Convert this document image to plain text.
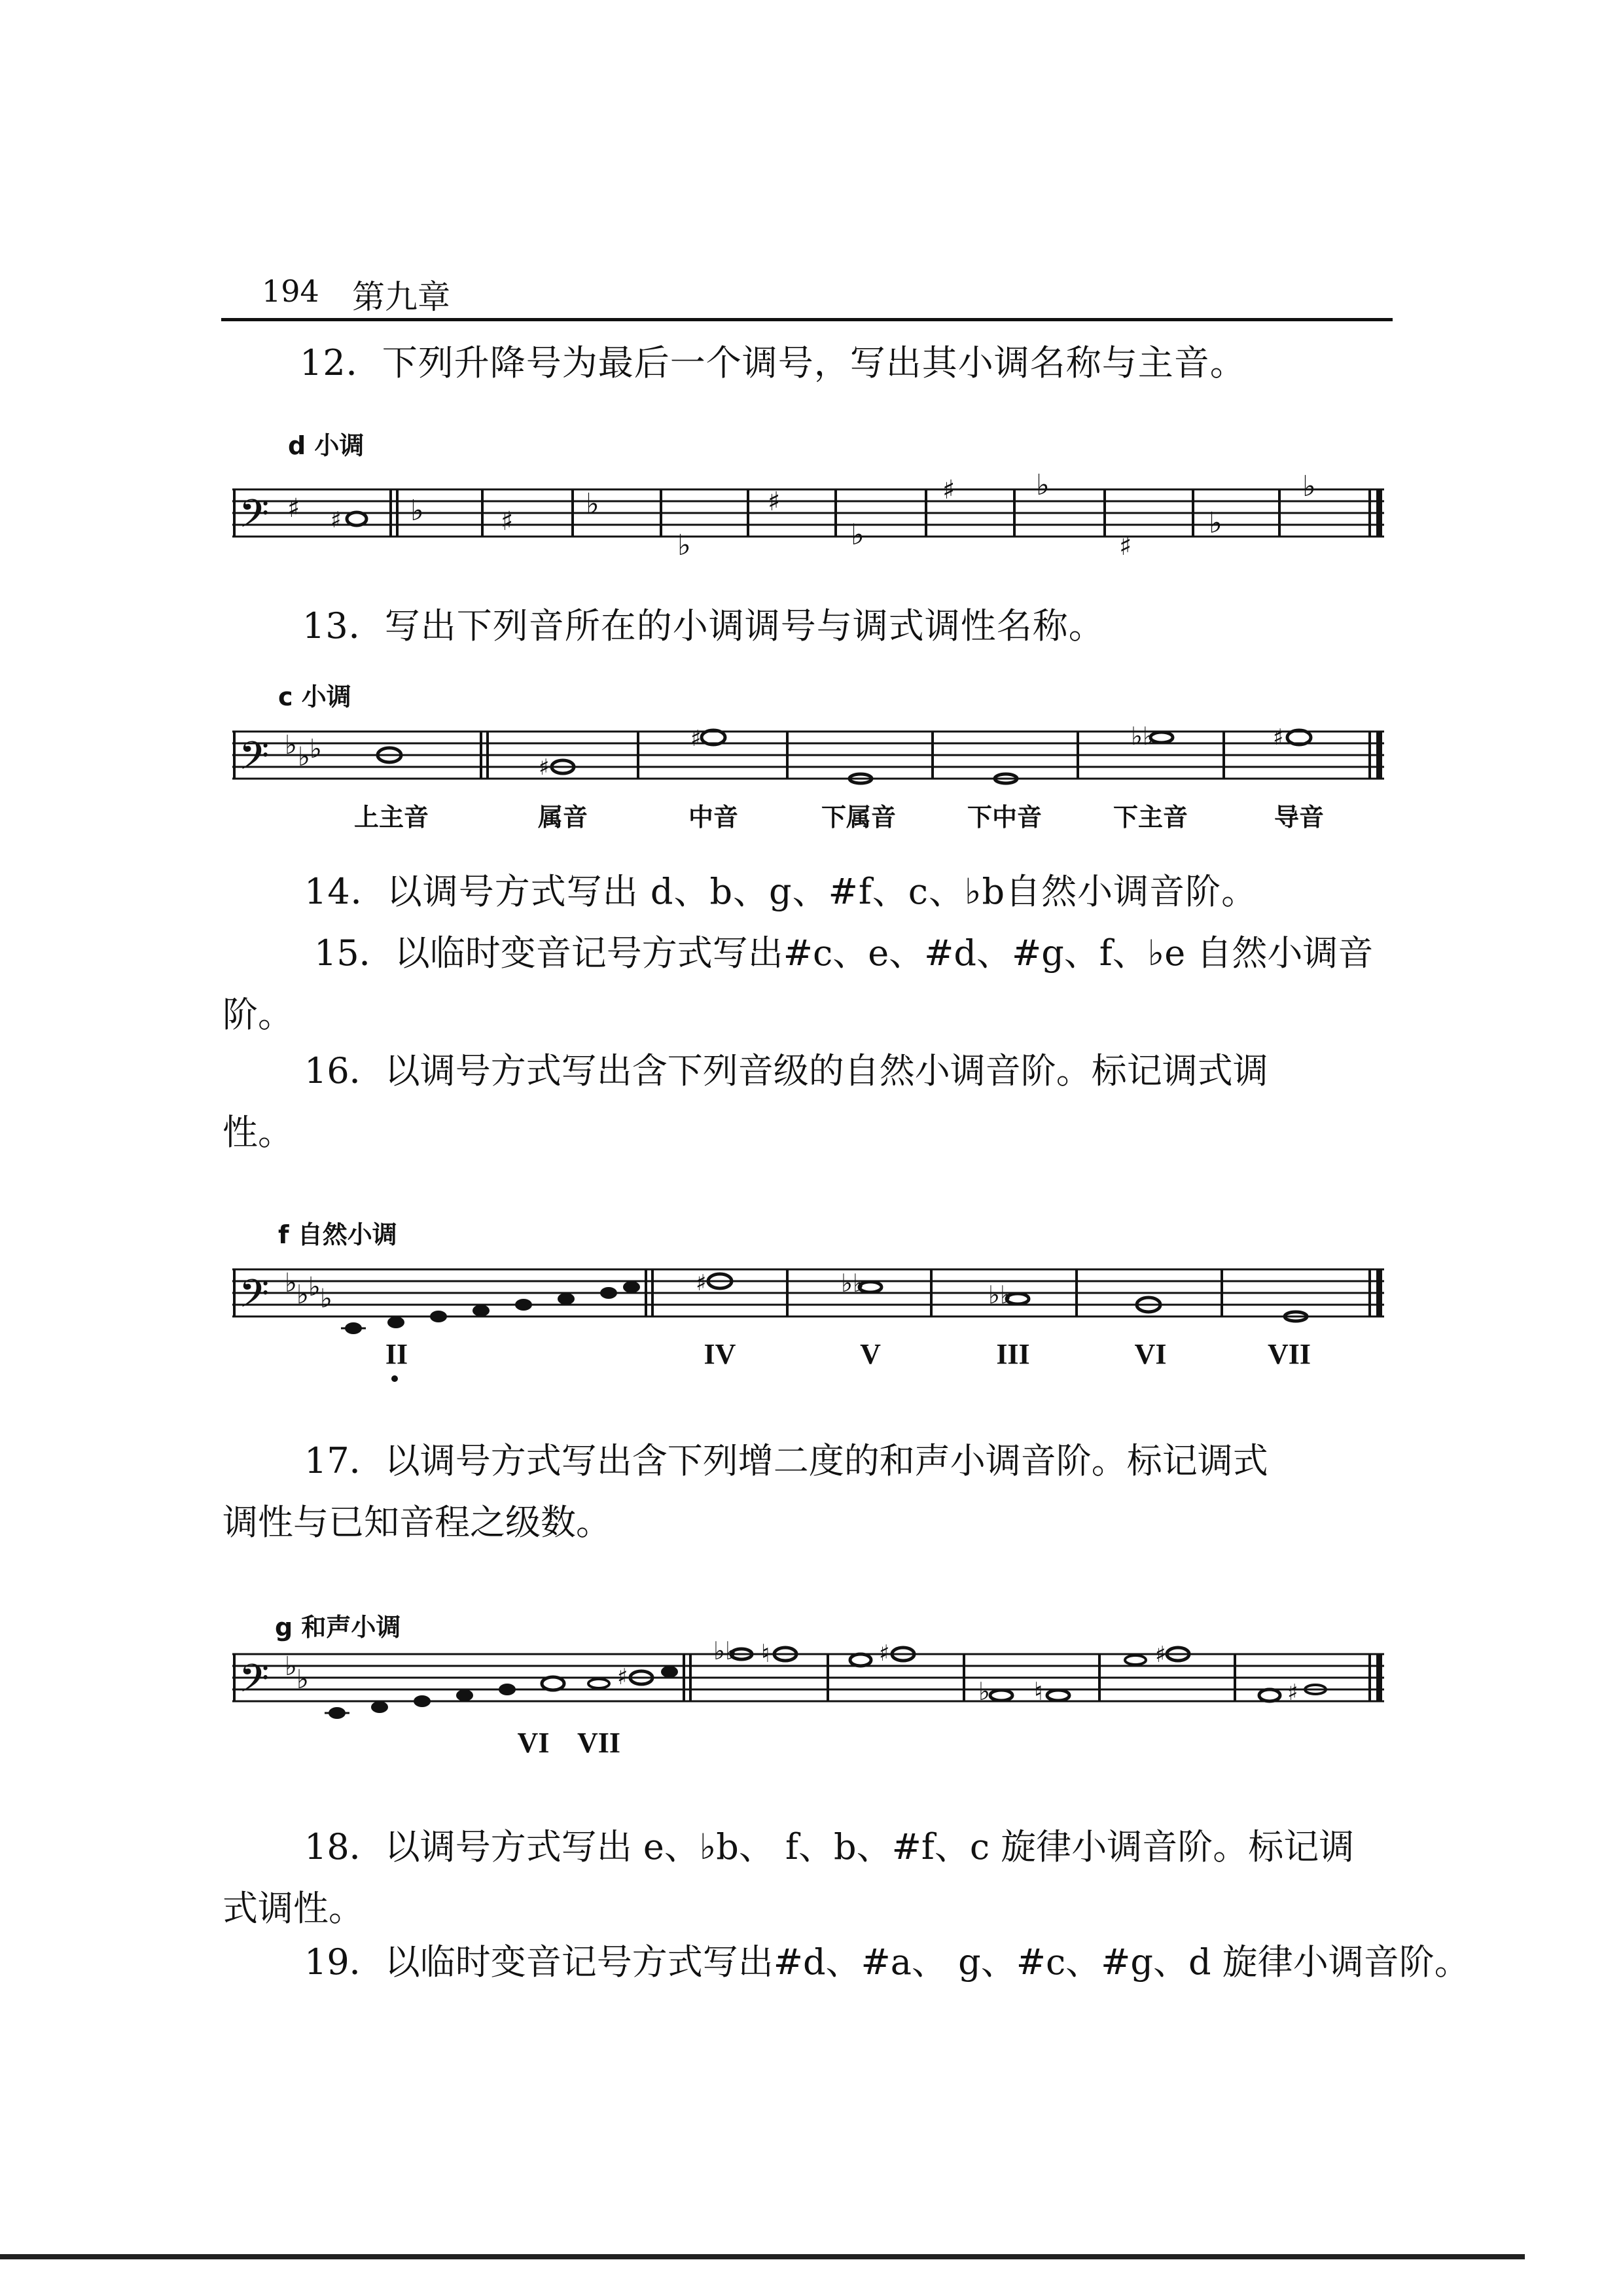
194 第九章
12．下列升降号为最后一个调号，写出其小调名称与主音。
d 小调
𝄢 ♯ ♯ ♭	♯
♭
♭
♯
♭
♯	♭
♯
♭
♭
13．写出下列音所在的小调调号与调式调性名称。
c 小调
𝄢 ♭ ♭ ♭
♯
♯	♭♭	♯
上主音	属音	中音	下属音	下中音	下主音	导音
14．以调号方式写出 d、b、g、#f、c、♭b自然小调音阶。
15．以临时变音记号方式写出#c、e、#d、#g、f、♭e 自然小调音
阶。
16．以调号方式写出含下列音级的自然小调音阶。标记调式调
性。
f 自然小调
𝄢 ♭ ♭ ♭ ♭
♯	♭♭	♭♭
II	IV	V	III	VI	VII
17．以调号方式写出含下列增二度的和声小调音阶。标记调式
调性与已知音程之级数。
g 和声小调
𝄢 ♭ ♭	♯
♭♭ ♮	♯
♭ ♮
♯
♯
VI VII
18．以调号方式写出 e、♭b、 f、b、#f、c 旋律小调音阶。标记调
式调性。
19．以临时变音记号方式写出#d、#a、 g、#c、#g、d 旋律小调音阶。
